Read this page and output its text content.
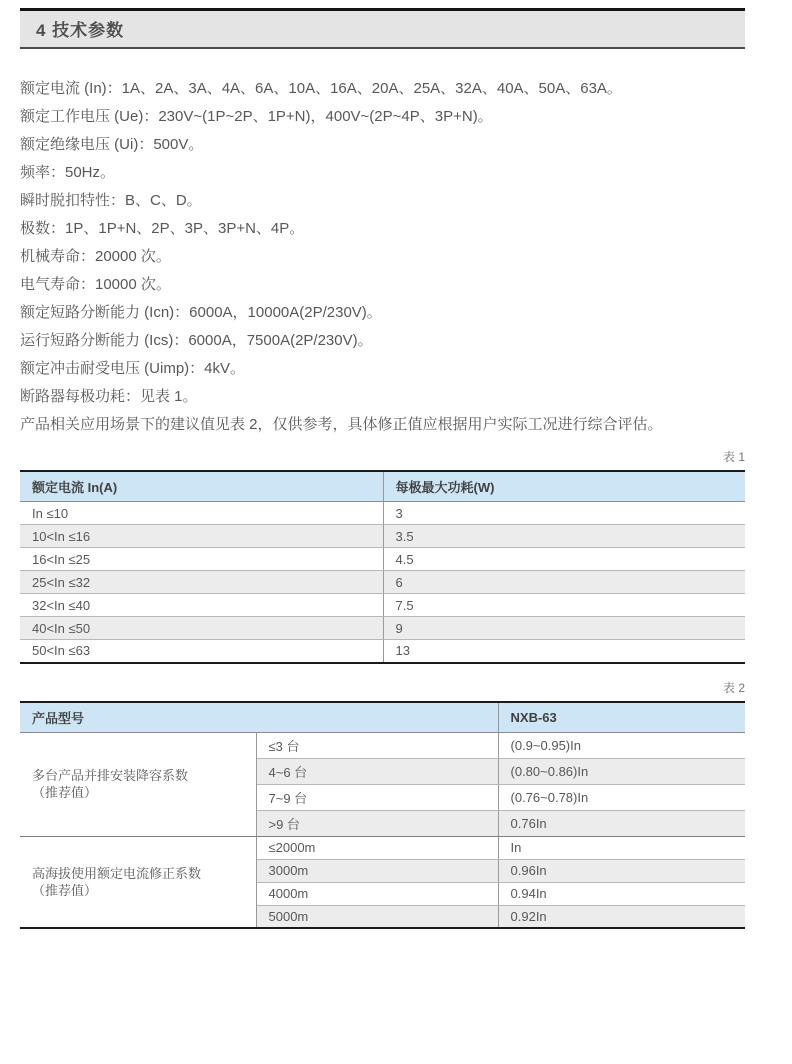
4 技术参数
额定电流 (In)：1A、2A、3A、4A、6A、10A、16A、20A、25A、32A、40A、50A、63A。
额定工作电压 (Ue)：230V~(1P~2P、1P+N)，400V~(2P~4P、3P+N)。
额定绝缘电压 (Ui)：500V。
频率：50Hz。
瞬时脱扣特性：B、C、D。
极数：1P、1P+N、2P、3P、3P+N、4P。
机械寿命：20000 次。
电气寿命：10000 次。
额定短路分断能力 (Icn)：6000A，10000A(2P/230V)。
运行短路分断能力 (Ics)：6000A，7500A(2P/230V)。
额定冲击耐受电压 (Uimp)：4kV。
断路器每极功耗：见表 1。
产品相关应用场景下的建议值见表 2，仅供参考，具体修正值应根据用户实际工况进行综合评估。
表 1
额定电流 In(A)	每极最大功耗(W)
In ≤10	3
10<In ≤16	3.5
16<In ≤25	4.5
25<In ≤32	6
32<In ≤40	7.5
40<In ≤50	9
50<In ≤63	13
表 2
产品型号		NXB-63

多台产品并排安装降容系数
（推荐值）	≤3 台	(0.9~0.95)In
	4~6 台	(0.80~0.86)In
	7~9 台	(0.76~0.78)In
	>9 台	0.76In

高海拔使用额定电流修正系数
（推荐值）	≤2000m	In
	3000m	0.96In
	4000m	0.94In
	5000m	0.92In
